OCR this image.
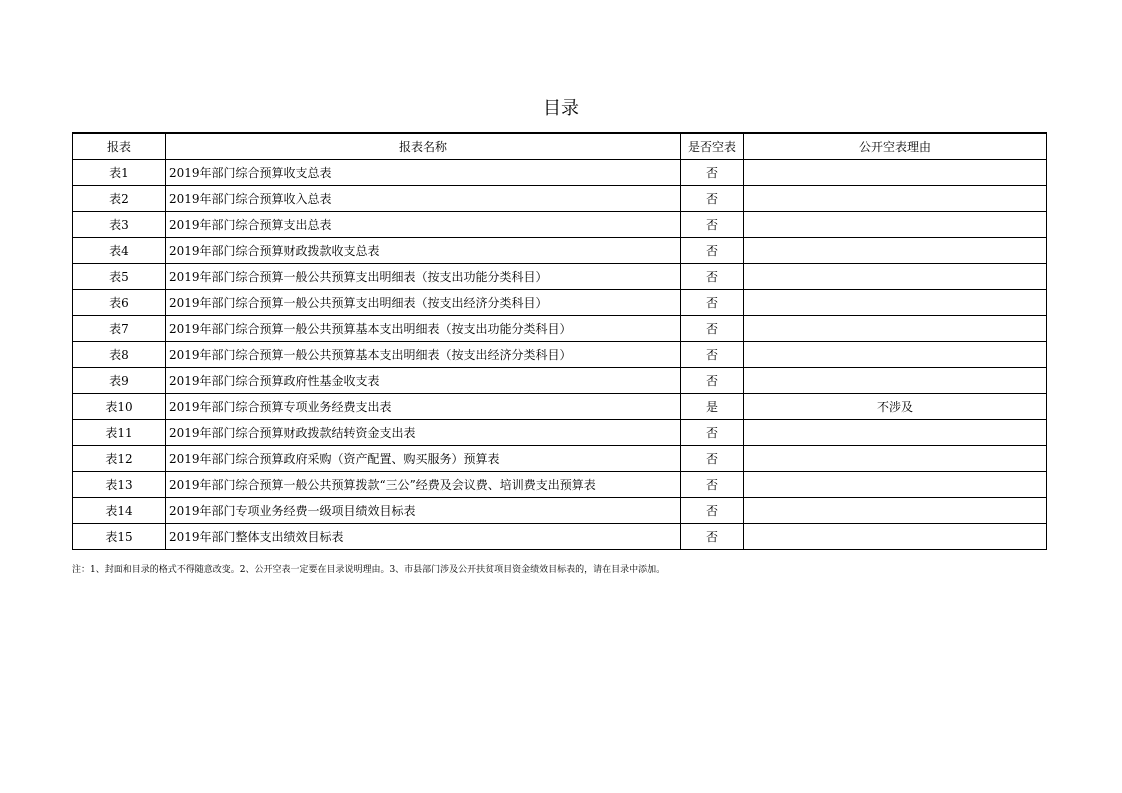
目录
报表	报表名称	是否空表	公开空表理由
表1	2019年部门综合预算收支总表	否	
表2	2019年部门综合预算收入总表	否	
表3	2019年部门综合预算支出总表	否	
表4	2019年部门综合预算财政拨款收支总表	否	
表5	2019年部门综合预算一般公共预算支出明细表（按支出功能分类科目）	否	
表6	2019年部门综合预算一般公共预算支出明细表（按支出经济分类科目）	否	
表7	2019年部门综合预算一般公共预算基本支出明细表（按支出功能分类科目）	否	
表8	2019年部门综合预算一般公共预算基本支出明细表（按支出经济分类科目）	否	
表9	2019年部门综合预算政府性基金收支表	否	
表10	2019年部门综合预算专项业务经费支出表	是	不涉及
表11	2019年部门综合预算财政拨款结转资金支出表	否	
表12	2019年部门综合预算政府采购（资产配置、购买服务）预算表	否	
表13	2019年部门综合预算一般公共预算拨款“三公”经费及会议费、培训费支出预算表	否	
表14	2019年部门专项业务经费一级项目绩效目标表	否	
表15	2019年部门整体支出绩效目标表	否	
注：1、封面和目录的格式不得随意改变。2、公开空表一定要在目录说明理由。3、市县部门涉及公开扶贫项目资金绩效目标表的，请在目录中添加。
